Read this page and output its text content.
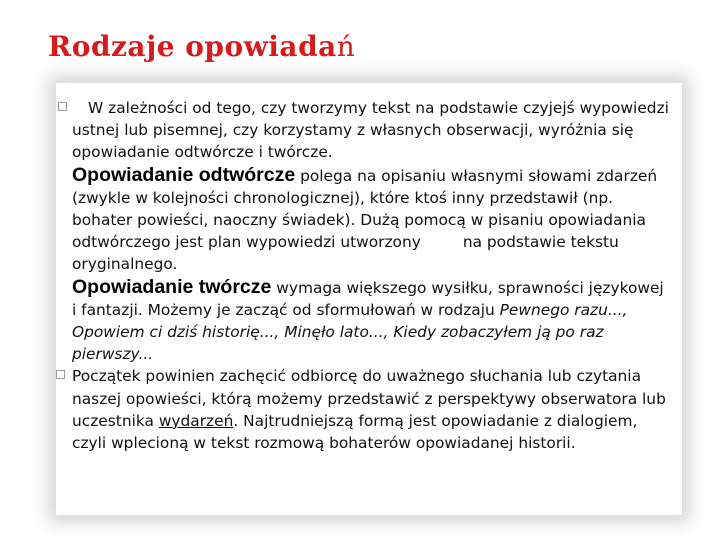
Rodzaje opowiadań

W zależności od tego, czy tworzymy tekst na podstawie czyjejś wypowiedzi ustnej lub pisemnej, czy korzystamy z własnych obserwacji, wyróżnia się opowiadanie odtwórcze i twórcze.

Opowiadanie odtwórcze polega na opisaniu własnymi słowami zdarzeń (zwykle w kolejności chronologicznej), które ktoś inny przedstawił (np. bohater powieści, naoczny świadek). Dużą pomocą w pisaniu opowiadania odtwórczego jest plan wypowiedzi utworzony	na podstawie tekstu oryginalnego.

Opowiadanie twórcze wymaga większego wysiłku, sprawności językowej i fantazji. Możemy je zacząć od sformułowań w rodzaju Pewnego razu..., Opowiem ci dziś historię..., Minęło lato..., Kiedy zobaczyłem ją po raz pierwszy...

Początek powinien zachęcić odbiorcę do uważnego słuchania lub czytania naszej opowieści, którą możemy przedstawić z perspektywy obserwatora lub uczestnika wydarzeń. Najtrudniejszą formą jest opowiadanie z dialogiem, czyli wplecioną w tekst rozmową bohaterów opowiadanej historii.
